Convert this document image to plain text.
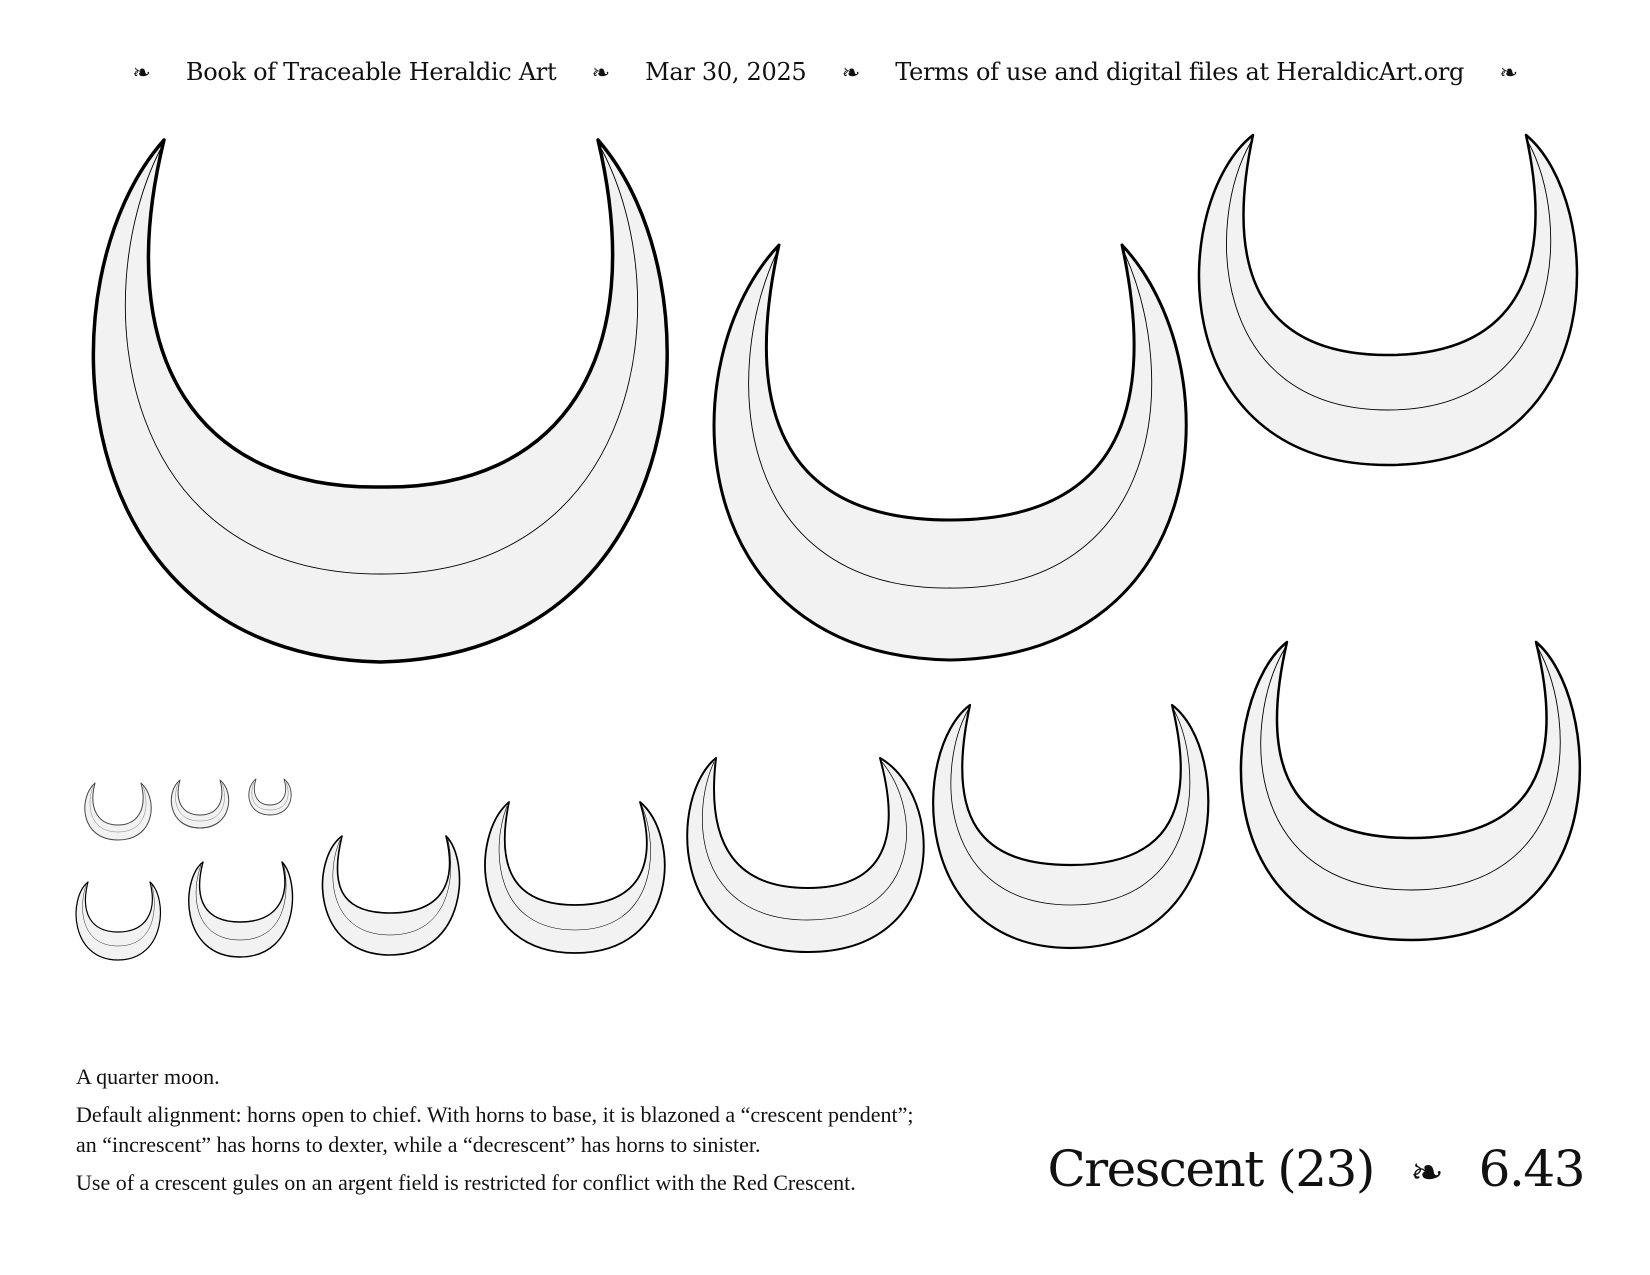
❧ Book of Traceable Heraldic Art ❧ Mar 30, 2025 ❧ Terms of use and digital files at HeraldicArt.org ❧

A quarter moon.

Default alignment: horns open to chief. With horns to base, it is blazoned a “crescent pendent”;
an “increscent” has horns to dexter, while a “decrescent” has horns to sinister.

Use of a crescent gules on an argent field is restricted for conflict with the Red Crescent.	Crescent (23) ❧ 6.43
